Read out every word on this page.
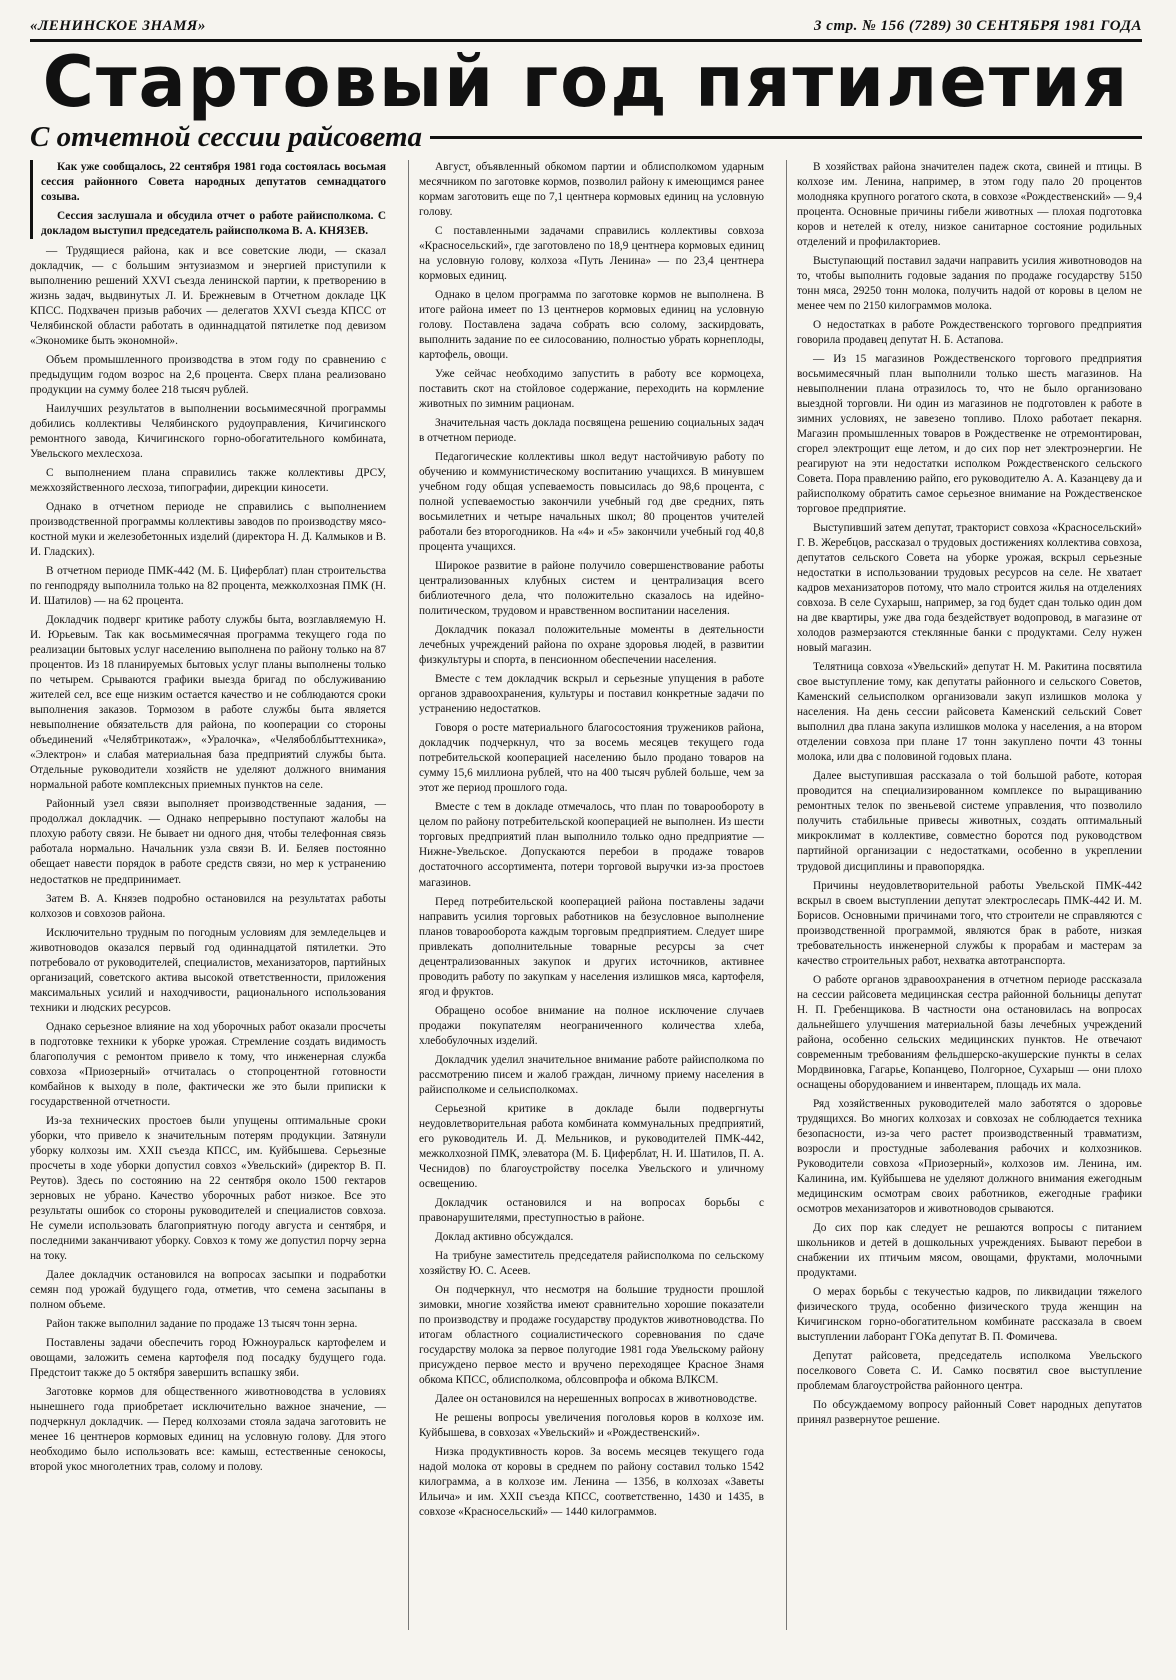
«ЛЕНИНСКОЕ ЗНАМЯ»	3 стр. № 156 (7289) 30 СЕНТЯБРЯ 1981 ГОДА
Стартовый год пятилетия
С отчетной сессии райсовета

Как уже сообщалось, 22 сентября 1981 года состоялась восьмая сессия районного Совета народных депутатов семнадцатого созыва.

Сессия заслушала и обсудила отчет о работе райисполкома. С докладом выступил председатель райисполкома В. А. КНЯЗЕВ.

— Трудящиеся района, как и все советские люди, — сказал докладчик, — с большим энтузиазмом и энергией приступили к выполнению решений XXVI съезда ленинской партии, к претворению в жизнь задач, выдвинутых Л. И. Брежневым в Отчетном докладе ЦК КПСС. Подхвачен призыв рабочих — делегатов XXVI съезда КПСС от Челябинской области работать в одиннадцатой пятилетке под девизом «Экономике быть экономной».

Объем промышленного производства в этом году по сравнению с предыдущим годом возрос на 2,6 процента. Сверх плана реализовано продукции на сумму более 218 тысяч рублей.

Наилучших результатов в выполнении восьмимесячной программы добились коллективы Челябинского рудоуправления, Кичигинского ремонтного завода, Кичигинского горно-обогатительного комбината, Увельского мехлесхоза.

С выполнением плана справились также коллективы ДРСУ, межхозяйственного лесхоза, типографии, дирекции киносети.

Однако в отчетном периоде не справились с выполнением производственной программы коллективы заводов по производству мясо-костной муки и железобетонных изделий (директора Н. Д. Калмыков и В. И. Гладских).

В отчетном периоде ПМК-442 (М. Б. Циферблат) план строительства по генподряду выполнила только на 82 процента, межколхозная ПМК (Н. И. Шатилов) — на 62 процента.

Докладчик подверг критике работу службы быта, возглавляемую Н. И. Юрьевым. Так как восьмимесячная программа текущего года по реализации бытовых услуг населению выполнена по району только на 87 процентов. Из 18 планируемых бытовых услуг планы выполнены только по четырем. Срываются графики выезда бригад по обслуживанию жителей сел, все еще низким остается качество и не соблюдаются сроки выполнения заказов. Тормозом в работе службы быта является невыполнение обязательств для района, по кооперации со стороны объединений «Челябтрикотаж», «Уралочка», «Челябоблбыттехника», «Электрон» и слабая материальная база предприятий службы быта. Отдельные руководители хозяйств не уделяют должного внимания нормальной работе комплексных приемных пунктов на селе.

Районный узел связи выполняет производственные задания, — продолжал докладчик. — Однако непрерывно поступают жалобы на плохую работу связи. Не бывает ни одного дня, чтобы телефонная связь работала нормально. Начальник узла связи В. И. Беляев постоянно обещает навести порядок в работе средств связи, но мер к устранению недостатков не предпринимает.

Затем В. А. Князев подробно остановился на результатах работы колхозов и совхозов района.

Исключительно трудным по погодным условиям для земледельцев и животноводов оказался первый год одиннадцатой пятилетки. Это потребовало от руководителей, специалистов, механизаторов, партийных организаций, советского актива высокой ответственности, приложения максимальных усилий и находчивости, рационального использования техники и людских ресурсов.

Однако серьезное влияние на ход уборочных работ оказали просчеты в подготовке техники к уборке урожая. Стремление создать видимость благополучия с ремонтом привело к тому, что инженерная служба совхоза «Приозерный» отчиталась о стопроцентной готовности комбайнов к выходу в поле, фактически же это были приписки к государственной отчетности.

Из-за технических простоев были упущены оптимальные сроки уборки, что привело к значительным потерям продукции. Затянули уборку колхозы им. XXII съезда КПСС, им. Куйбышева. Серьезные просчеты в ходе уборки допустил совхоз «Увельский» (директор В. П. Реутов). Здесь по состоянию на 22 сентября около 1500 гектаров зерновых не убрано. Качество уборочных работ низкое. Все это результаты ошибок со стороны руководителей и специалистов совхоза. Не сумели использовать благоприятную погоду августа и сентября, и последними заканчивают уборку. Совхоз к тому же допустил порчу зерна на току.

Далее докладчик остановился на вопросах засыпки и подработки семян под урожай будущего года, отметив, что семена засыпаны в полном объеме.

Район также выполнил задание по продаже 13 тысяч тонн зерна.

Поставлены задачи обеспечить город Южноуральск картофелем и овощами, заложить семена картофеля под посадку будущего года. Предстоит также до 5 октября завершить вспашку зяби.

Заготовке кормов для общественного животноводства в условиях нынешнего года приобретает исключительно важное значение, — подчеркнул докладчик. — Перед колхозами стояла задача заготовить не менее 16 центнеров кормовых единиц на условную голову. Для этого необходимо было использовать все: камыш, естественные сенокосы, второй укос многолетних трав, солому и полову.

Август, объявленный обкомом партии и облисполкомом ударным месячником по заготовке кормов, позволил району к имеющимся ранее кормам заготовить еще по 7,1 центнера кормовых единиц на условную голову.

С поставленными задачами справились коллективы совхоза «Красносельский», где заготовлено по 18,9 центнера кормовых единиц на условную голову, колхоза «Путь Ленина» — по 23,4 центнера кормовых единиц.

Однако в целом программа по заготовке кормов не выполнена. В итоге района имеет по 13 центнеров кормовых единиц на условную голову. Поставлена задача собрать всю солому, заскирдовать, выполнить задание по ее силосованию, полностью убрать корнеплоды, картофель, овощи.

Уже сейчас необходимо запустить в работу все кормоцеха, поставить скот на стойловое содержание, переходить на кормление животных по зимним рационам.

Значительная часть доклада посвящена решению социальных задач в отчетном периоде.

Педагогические коллективы школ ведут настойчивую работу по обучению и коммунистическому воспитанию учащихся. В минувшем учебном году общая успеваемость повысилась до 98,6 процента, с полной успеваемостью закончили учебный год две средних, пять восьмилетних и четыре начальных школ; 80 процентов учителей работали без второгодников. На «4» и «5» закончили учебный год 40,8 процента учащихся.

Широкое развитие в районе получило совершенствование работы централизованных клубных систем и централизация всего библиотечного дела, что положительно сказалось на идейно-политическом, трудовом и нравственном воспитании населения.

Докладчик показал положительные моменты в деятельности лечебных учреждений района по охране здоровья людей, в развитии физкультуры и спорта, в пенсионном обеспечении населения.

Вместе с тем докладчик вскрыл и серьезные упущения в работе органов здравоохранения, культуры и поставил конкретные задачи по устранению недостатков.

Говоря о росте материального благосостояния тружеников района, докладчик подчеркнул, что за восемь месяцев текущего года потребительской кооперацией населению было продано товаров на сумму 15,6 миллиона рублей, что на 400 тысяч рублей больше, чем за этот же период прошлого года.

Вместе с тем в докладе отмечалось, что план по товарообороту в целом по району потребительской кооперацией не выполнен. Из шести торговых предприятий план выполнило только одно предприятие — Нижне-Увельское. Допускаются перебои в продаже товаров достаточного ассортимента, потери торговой выручки из-за простоев магазинов.

Перед потребительской кооперацией района поставлены задачи направить усилия торговых работников на безусловное выполнение планов товарооборота каждым торговым предприятием. Следует шире привлекать дополнительные товарные ресурсы за счет децентрализованных закупок и других источников, активнее проводить работу по закупкам у населения излишков мяса, картофеля, ягод и фруктов.

Обращено особое внимание на полное исключение случаев продажи покупателям неограниченного количества хлеба, хлебобулочных изделий.

Докладчик уделил значительное внимание работе райисполкома по рассмотрению писем и жалоб граждан, личному приему населения в райисполкоме и сельисполкомах.

Серьезной критике в докладе были подвергнуты неудовлетворительная работа комбината коммунальных предприятий, его руководитель И. Д. Мельников, и руководителей ПМК-442, межколхозной ПМК, элеватора (М. Б. Циферблат, Н. И. Шатилов, П. А. Чеснидов) по благоустройству поселка Увельского и уличному освещению.

Докладчик остановился и на вопросах борьбы с правонарушителями, преступностью в районе.

Доклад активно обсуждался.

На трибуне заместитель председателя райисполкома по сельскому хозяйству Ю. С. Асеев.

Он подчеркнул, что несмотря на большие трудности прошлой зимовки, многие хозяйства имеют сравнительно хорошие показатели по производству и продаже государству продуктов животноводства. По итогам областного социалистического соревнования по сдаче государству молока за первое полугодие 1981 года Увельскому району присуждено первое место и вручено переходящее Красное Знамя обкома КПСС, облисполкома, облсовпрофа и обкома ВЛКСМ.

Далее он остановился на нерешенных вопросах в животноводстве.

Не решены вопросы увеличения поголовья коров в колхозе им. Куйбышева, в совхозах «Увельский» и «Рождественский».

Низка продуктивность коров. За восемь месяцев текущего года надой молока от коровы в среднем по району составил только 1542 килограмма, а в колхозе им. Ленина — 1356, в колхозах «Заветы Ильича» и им. XXII съезда КПСС, соответственно, 1430 и 1435, в совхозе «Красносельский» — 1440 килограммов.

В хозяйствах района значителен падеж скота, свиней и птицы. В колхозе им. Ленина, например, в этом году пало 20 процентов молодняка крупного рогатого скота, в совхозе «Рождественский» — 9,4 процента. Основные причины гибели животных — плохая подготовка коров и нетелей к отелу, низкое санитарное состояние родильных отделений и профилакториев.

Выступающий поставил задачи направить усилия животноводов на то, чтобы выполнить годовые задания по продаже государству 5150 тонн мяса, 29250 тонн молока, получить надой от коровы в целом не менее чем по 2150 килограммов молока.

О недостатках в работе Рождественского торгового предприятия говорила продавец депутат Н. Б. Астапова.

— Из 15 магазинов Рождественского торгового предприятия восьмимесячный план выполнили только шесть магазинов. На невыполнении плана отразилось то, что не было организовано выездной торговли. Ни один из магазинов не подготовлен к работе в зимних условиях, не завезено топливо. Плохо работает пекарня. Магазин промышленных товаров в Рождественке не отремонтирован, сгорел электрощит еще летом, и до сих пор нет электроэнергии. Не реагируют на эти недостатки исполком Рождественского сельского Совета. Пора правлению райпо, его руководителю А. А. Казанцеву да и райисполкому обратить самое серьезное внимание на Рождественское торговое предприятие.

Выступивший затем депутат, тракторист совхоза «Красносельский» Г. В. Жеребцов, рассказал о трудовых достижениях коллектива совхоза, депутатов сельского Совета на уборке урожая, вскрыл серьезные недостатки в использовании трудовых ресурсов на селе. Не хватает кадров механизаторов потому, что мало строится жилья на отделениях совхоза. В селе Сухарыш, например, за год будет сдан только один дом на две квартиры, уже два года бездействует водопровод, в магазине от холодов размерзаются стеклянные банки с продуктами. Селу нужен новый магазин.

Телятница совхоза «Увельский» депутат Н. М. Ракитина посвятила свое выступление тому, как депутаты районного и сельского Советов, Каменский сельисполком организовали закуп излишков молока у населения. На день сессии райсовета Каменский сельский Совет выполнил два плана закупа излишков молока у населения, а на втором отделении совхоза при плане 17 тонн закуплено почти 43 тонны молока, или два с половиной годовых плана.

Далее выступившая рассказала о той большой работе, которая проводится на специализированном комплексе по выращиванию ремонтных телок по звеньевой системе управления, что позволило получить стабильные привесы животных, создать оптимальный микроклимат в коллективе, совместно боротся под руководством партийной организации с недостатками, особенно в укреплении трудовой дисциплины и правопорядка.

Причины неудовлетворительной работы Увельской ПМК-442 вскрыл в своем выступлении депутат электрослесарь ПМК-442 И. М. Борисов. Основными причинами того, что строители не справляются с производственной программой, являются брак в работе, низкая требовательность инженерной службы к прорабам и мастерам за качество строительных работ, нехватка автотранспорта.

О работе органов здравоохранения в отчетном периоде рассказала на сессии райсовета медицинская сестра районной больницы депутат Н. П. Гребенщикова. В частности она остановилась на вопросах дальнейшего улучшения материальной базы лечебных учреждений района, особенно сельских медицинских пунктов. Не отвечают современным требованиям фельдшерско-акушерские пункты в селах Мордвиновка, Гагарье, Копанцево, Полгорное, Сухарыш — они плохо оснащены оборудованием и инвентарем, площадь их мала.

Ряд хозяйственных руководителей мало заботятся о здоровье трудящихся. Во многих колхозах и совхозах не соблюдается техника безопасности, из-за чего растет производственный травматизм, возросли и простудные заболевания рабочих и колхозников. Руководители совхоза «Приозерный», колхозов им. Ленина, им. Калинина, им. Куйбышева не уделяют должного внимания ежегодным медицинским осмотрам своих работников, ежегодные графики осмотров механизаторов и животноводов срываются.

До сих пор как следует не решаются вопросы с питанием школьников и детей в дошкольных учреждениях. Бывают перебои в снабжении их птичьим мясом, овощами, фруктами, молочными продуктами.

О мерах борьбы с текучестью кадров, по ликвидации тяжелого физического труда, особенно физического труда женщин на Кичигинском горно-обогатительном комбинате рассказала в своем выступлении лаборант ГОКа депутат В. П. Фомичева.

Депутат райсовета, председатель исполкома Увельского поселкового Совета С. И. Самко посвятил свое выступление проблемам благоустройства районного центра.

По обсуждаемому вопросу районный Совет народных депутатов принял развернутое решение.
